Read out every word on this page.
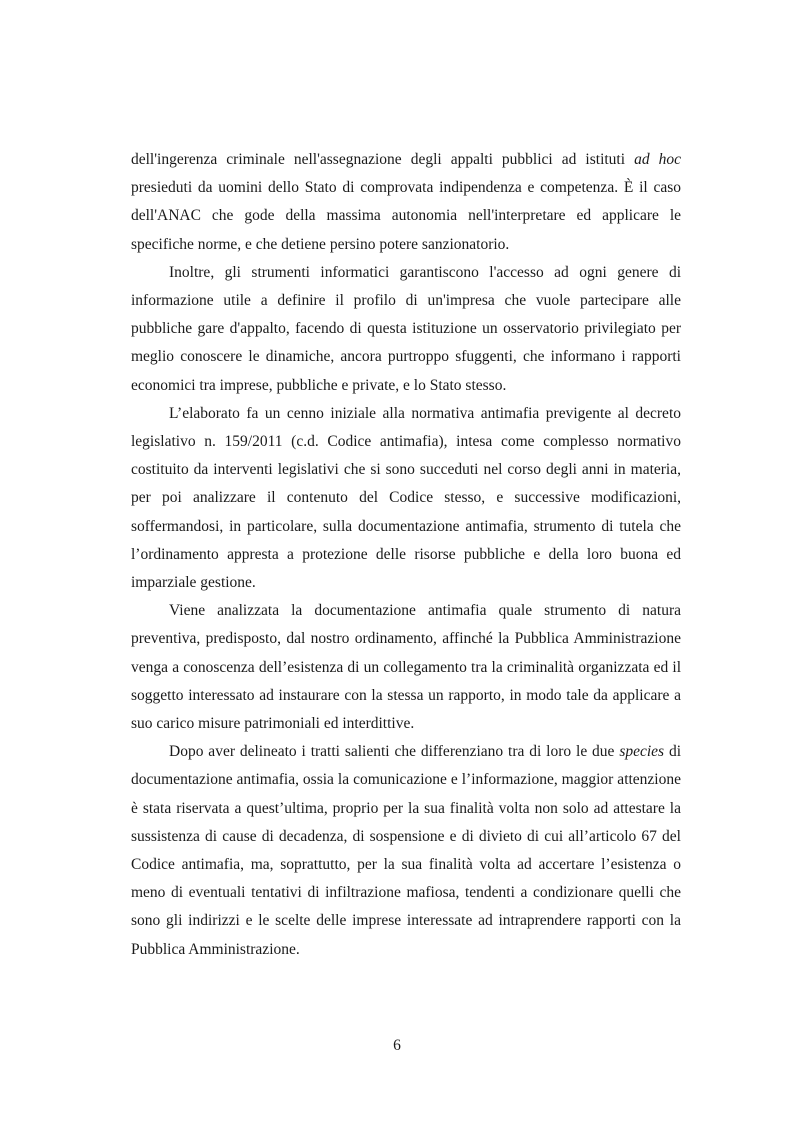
dell'ingerenza criminale nell'assegnazione degli appalti pubblici ad istituti ad hoc presieduti da uomini dello Stato di comprovata indipendenza e competenza. È il caso dell'ANAC che gode della massima autonomia nell'interpretare ed applicare le specifiche norme, e che detiene persino potere sanzionatorio.

Inoltre, gli strumenti informatici garantiscono l'accesso ad ogni genere di informazione utile a definire il profilo di un'impresa che vuole partecipare alle pubbliche gare d'appalto, facendo di questa istituzione un osservatorio privilegiato per meglio conoscere le dinamiche, ancora purtroppo sfuggenti, che informano i rapporti economici tra imprese, pubbliche e private, e lo Stato stesso.

L’elaborato fa un cenno iniziale alla normativa antimafia previgente al decreto legislativo n. 159/2011 (c.d. Codice antimafia), intesa come complesso normativo costituito da interventi legislativi che si sono succeduti nel corso degli anni in materia, per poi analizzare il contenuto del Codice stesso, e successive modificazioni, soffermandosi, in particolare, sulla documentazione antimafia, strumento di tutela che l’ordinamento appresta a protezione delle risorse pubbliche e della loro buona ed imparziale gestione.

Viene analizzata la documentazione antimafia quale strumento di natura preventiva, predisposto, dal nostro ordinamento, affinché la Pubblica Amministrazione venga a conoscenza dell’esistenza di un collegamento tra la criminalità organizzata ed il soggetto interessato ad instaurare con la stessa un rapporto, in modo tale da applicare a suo carico misure patrimoniali ed interdittive.

Dopo aver delineato i tratti salienti che differenziano tra di loro le due species di documentazione antimafia, ossia la comunicazione e l’informazione, maggior attenzione è stata riservata a quest’ultima, proprio per la sua finalità volta non solo ad attestare la sussistenza di cause di decadenza, di sospensione e di divieto di cui all’articolo 67 del Codice antimafia, ma, soprattutto, per la sua finalità volta ad accertare l’esistenza o meno di eventuali tentativi di infiltrazione mafiosa, tendenti a condizionare quelli che sono gli indirizzi e le scelte delle imprese interessate ad intraprendere rapporti con la Pubblica Amministrazione.

6
